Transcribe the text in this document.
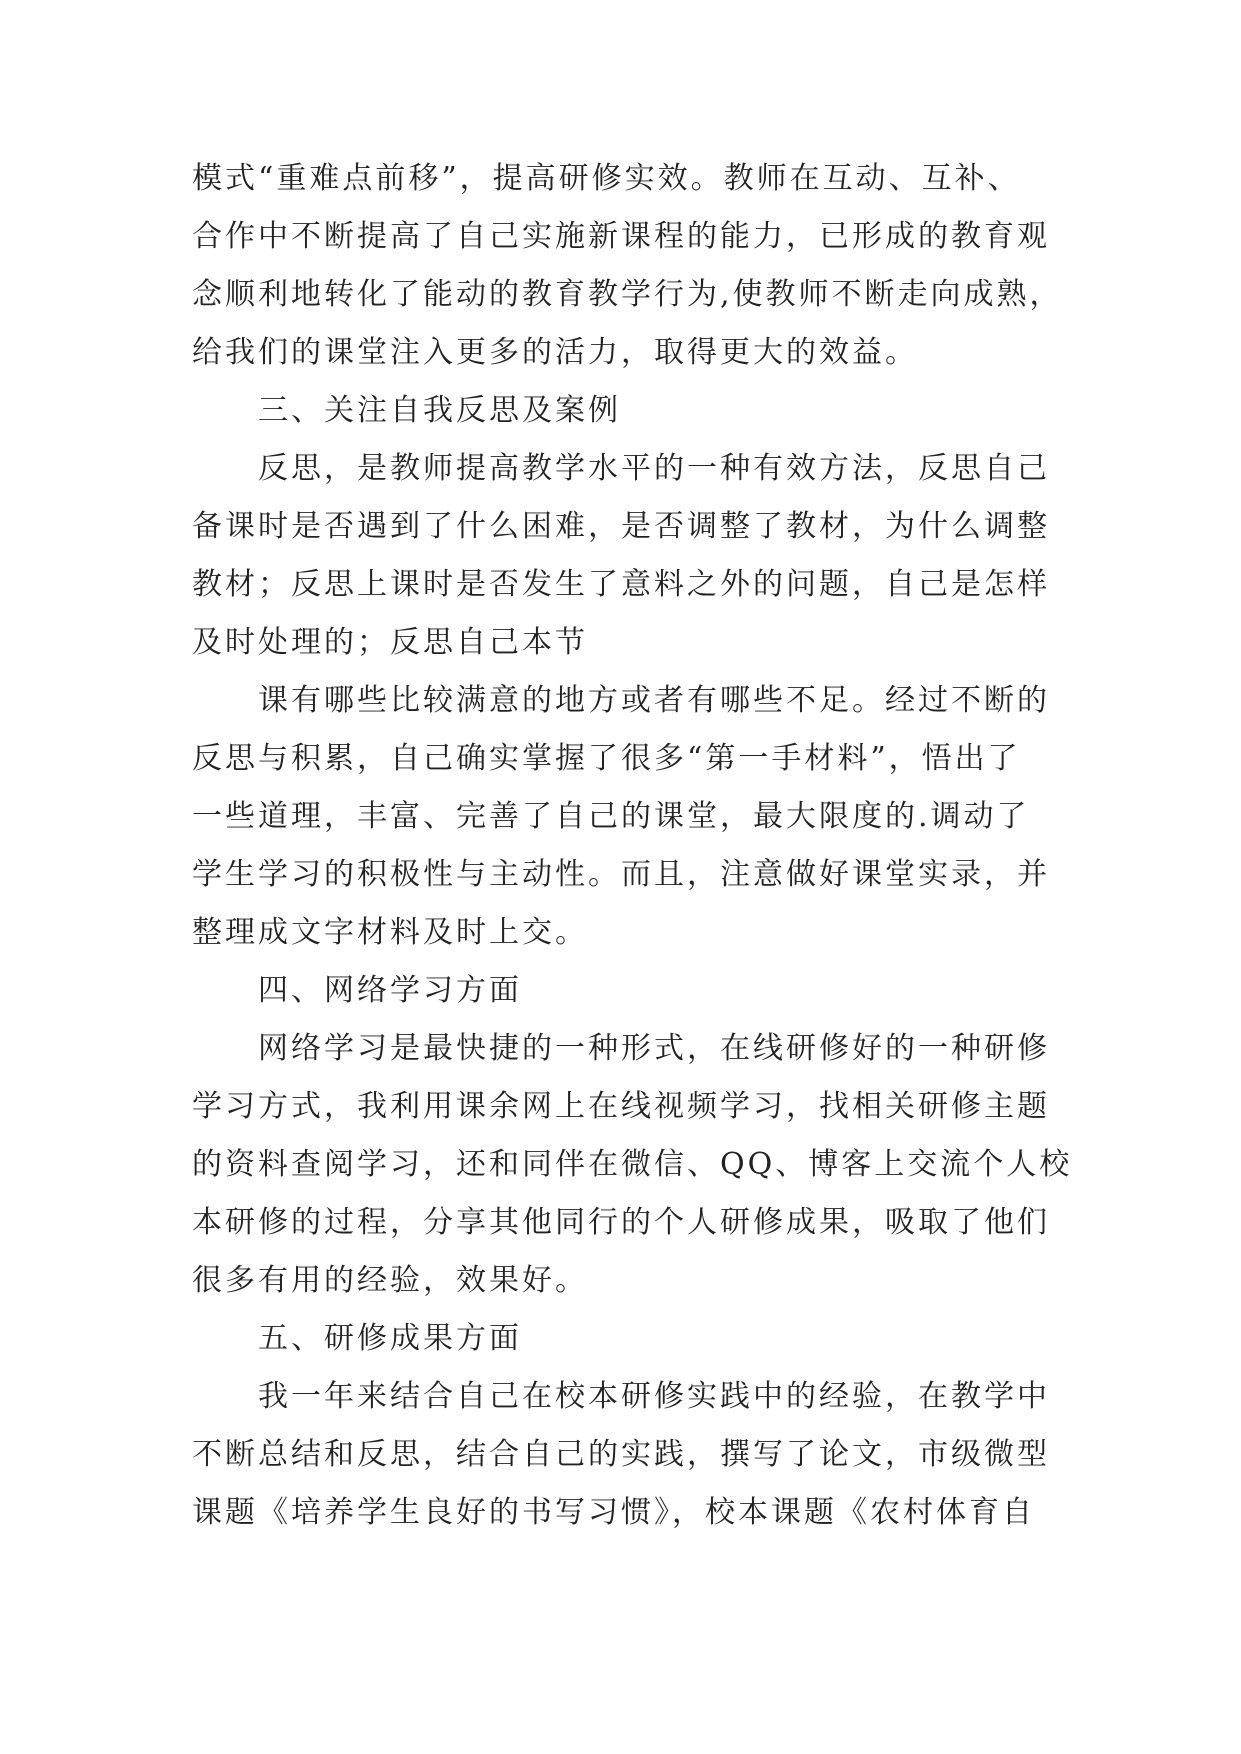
模式“重难点前移”，提高研修实效。教师在互动、互补、
合作中不断提高了自己实施新课程的能力，已形成的教育观
念顺利地转化了能动的教育教学行为,使教师不断走向成熟，
给我们的课堂注入更多的活力，取得更大的效益。
三、关注自我反思及案例
反思，是教师提高教学水平的一种有效方法，反思自己
备课时是否遇到了什么困难，是否调整了教材，为什么调整
教材；反思上课时是否发生了意料之外的问题，自己是怎样
及时处理的；反思自己本节
课有哪些比较满意的地方或者有哪些不足。经过不断的
反思与积累，自己确实掌握了很多“第一手材料”，悟出了
一些道理，丰富、完善了自己的课堂，最大限度的.调动了
学生学习的积极性与主动性。而且，注意做好课堂实录，并
整理成文字材料及时上交。
四、网络学习方面
网络学习是最快捷的一种形式，在线研修好的一种研修
学习方式，我利用课余网上在线视频学习，找相关研修主题
的资料查阅学习，还和同伴在微信、QQ、博客上交流个人校
本研修的过程，分享其他同行的个人研修成果，吸取了他们
很多有用的经验，效果好。
五、研修成果方面
我一年来结合自己在校本研修实践中的经验，在教学中
不断总结和反思，结合自己的实践，撰写了论文，市级微型
课题《培养学生良好的书写习惯》，校本课题《农村体育自
